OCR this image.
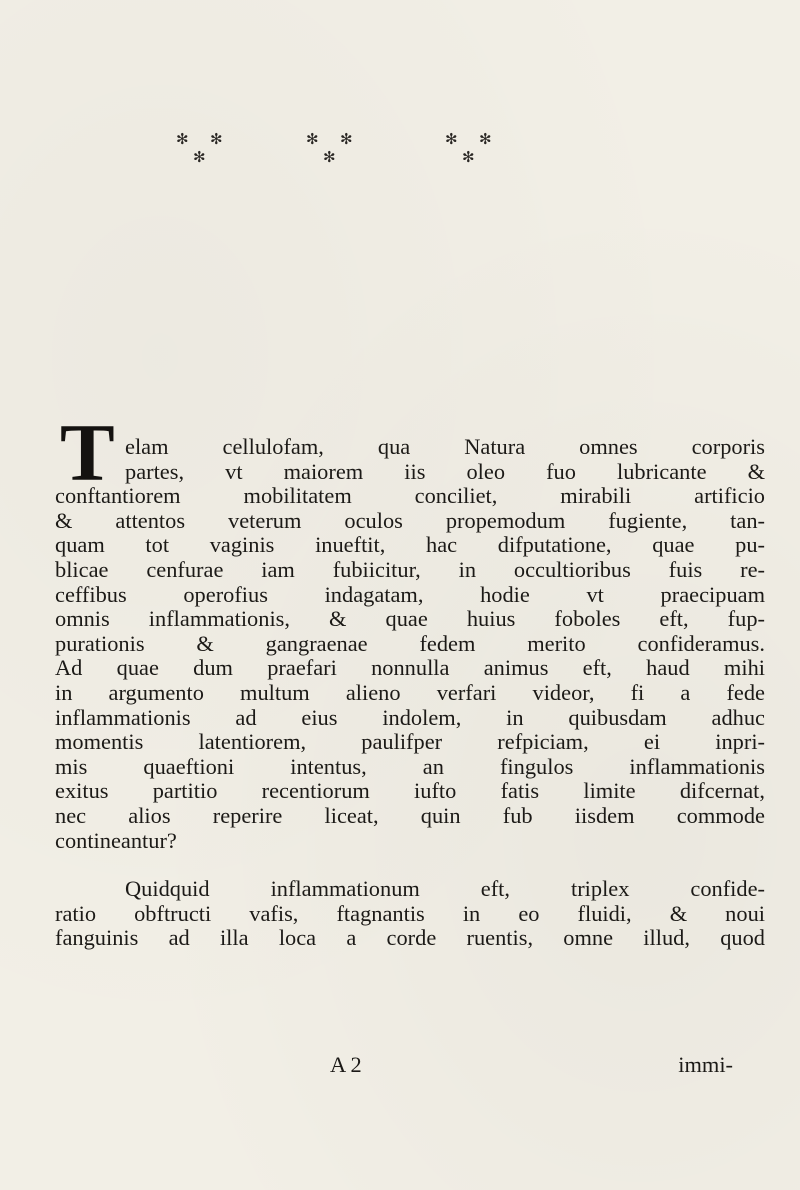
✻ ✻
✻
✻ ✻
✻
✻ ✻
✻
T elam cellulofam, qua Natura omnes corporis
partes, vt maiorem iis oleo fuo lubricante &
conftantiorem mobilitatem conciliet, mirabili artificio
& attentos veterum oculos propemodum fugiente, tan-
quam tot vaginis inueftit, hac difputatione, quae pu-
blicae cenfurae iam fubiicitur, in occultioribus fuis re-
ceffibus operofius indagatam, hodie vt praecipuam
omnis inflammationis, & quae huius foboles eft, fup-
purationis & gangraenae fedem merito confideramus.
Ad quae dum praefari nonnulla animus eft, haud mihi
in argumento multum alieno verfari videor, fi a fede
inflammationis ad eius indolem, in quibusdam adhuc
momentis latentiorem, paulifper refpiciam, ei inpri-
mis quaeftioni intentus, an fingulos inflammationis
exitus partitio recentiorum iufto fatis limite difcernat,
nec alios reperire liceat, quin fub iisdem commode
contineantur?
Quidquid inflammationum eft, triplex confide-
ratio obftructi vafis, ftagnantis in eo fluidi, & noui
fanguinis ad illa loca a corde ruentis, omne illud, quod
A 2	immi-
